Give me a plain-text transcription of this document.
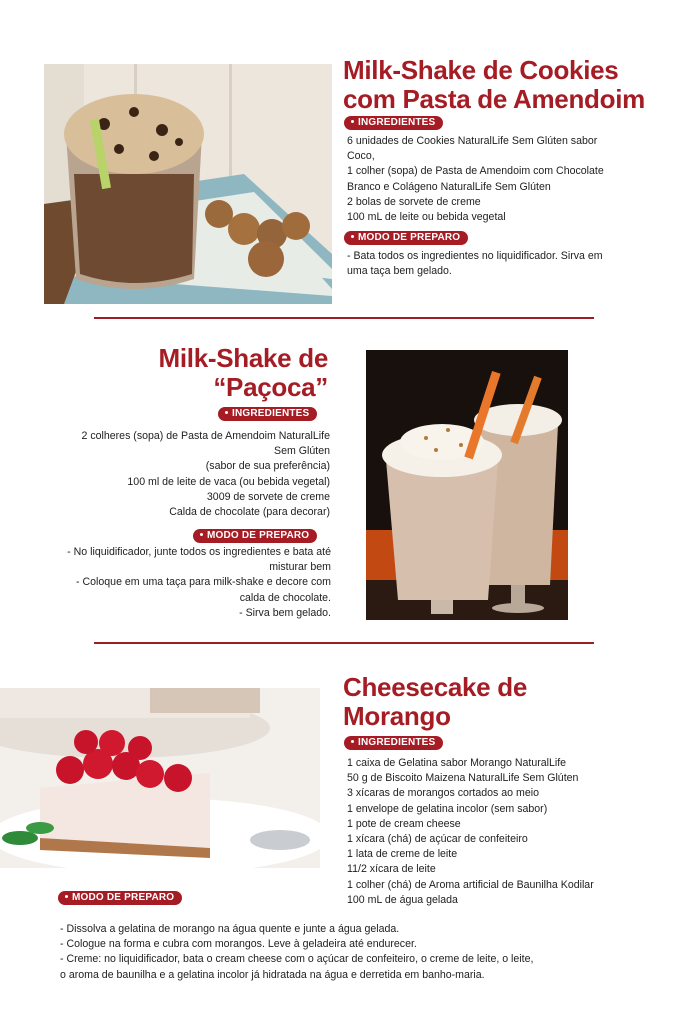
Milk-Shake de Cookies
com Pasta de Amendoim
INGREDIENTES
6 unidades de Cookies NaturalLife Sem Glúten sabor
Coco,
1 colher (sopa) de Pasta de Amendoim com Chocolate
Branco e Colágeno NaturalLife Sem Glúten
2 bolas de sorvete de creme
100 mL de leite ou bebida vegetal
MODO DE PREPARO
- Bata todos os ingredientes no liquidificador. Sirva em
uma taça bem gelado.
Milk-Shake de
“Paçoca”
INGREDIENTES
2 colheres (sopa) de Pasta de Amendoim NaturalLife
Sem Glúten
(sabor de sua preferência)
100 ml de leite de vaca (ou bebida vegetal)
3009 de sorvete de creme
Calda de chocolate (para decorar)
MODO DE PREPARO
- No liquidificador, junte todos os ingredientes e bata até
misturar bem
- Coloque em uma taça para milk-shake e decore com
calda de chocolate.
- Sirva bem gelado.
Cheesecake de
Morango
INGREDIENTES
1 caixa de Gelatina sabor Morango NaturalLife
50 g de Biscoito Maizena NaturalLife Sem Glúten
3 xícaras de morangos cortados ao meio
1 envelope de gelatina incolor (sem sabor)
1 pote de cream cheese
1 xícara (chá) de açúcar de confeiteiro
1 lata de creme de leite
11/2 xícara de leite
1 colher (chá) de Aroma artificial de Baunilha Kodilar
100 mL de água gelada
MODO DE PREPARO
- Dissolva a gelatina de morango na água quente e junte a água gelada.
- Cologue na forma e cubra com morangos. Leve à geladeira até endurecer.
- Creme: no liquidificador, bata o cream cheese com o açúcar de confeiteiro, o creme de leite, o leite,
o aroma de baunilha e a gelatina incolor já hidratada na água e derretida em banho-maria.
